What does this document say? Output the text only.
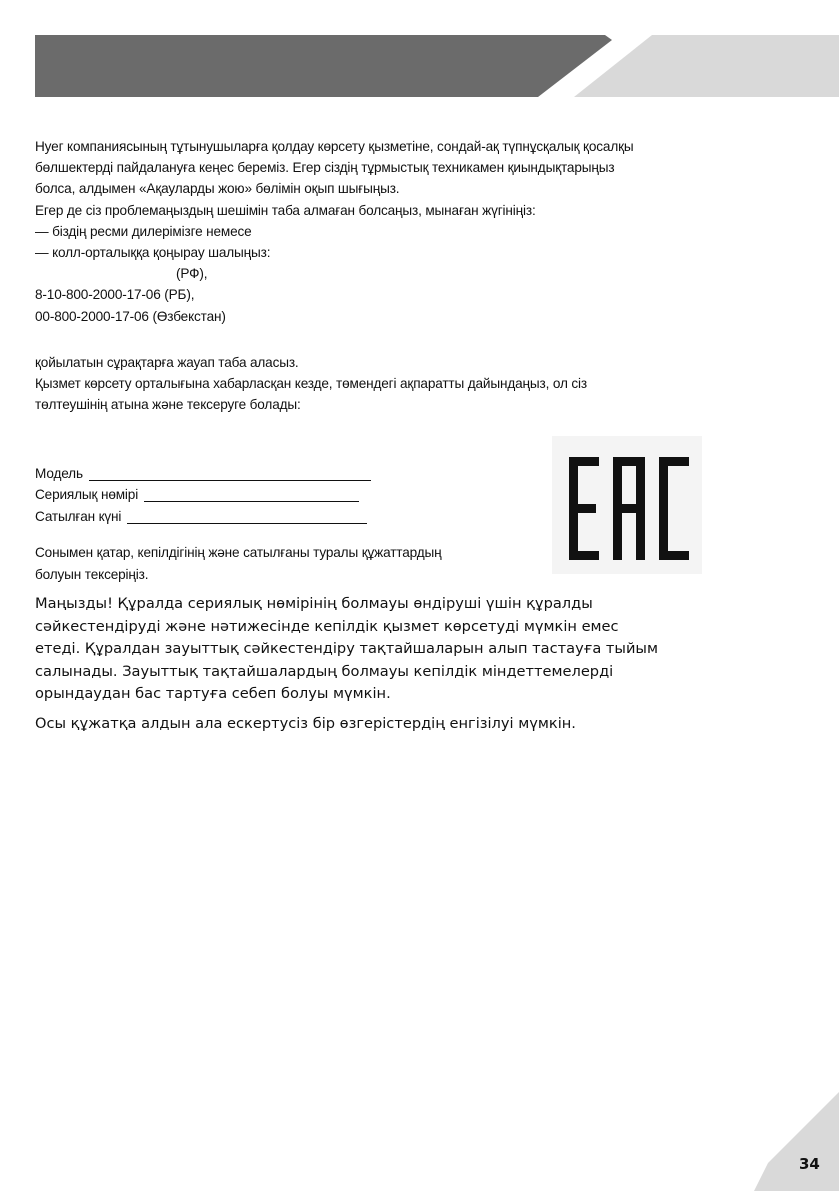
Нуег компаниясының тұтынушыларға қолдау көрсету қызметіне, сондай-ақ түпнұсқалық қосалқы
бөлшектерді пайдалануға кеңес береміз. Егер сіздің тұрмыстық техникамен қиындықтарыңыз
болса, алдымен «Ақауларды жою» бөлімін оқып шығыңыз.
Егер де сіз проблемаңыздың шешімін таба алмаған болсаңыз, мынаған жүгініңіз:
— біздің ресми дилерімізге немесе
— колл-орталыққа қоңырау шалыңыз:
(РФ),
8-10-800-2000-17-06 (РБ),
00-800-2000-17-06 (Өзбекстан)
қойылатын сұрақтарға жауап таба аласыз.
Қызмет көрсету орталығына хабарласқан кезде, төмендегі ақпаратты дайындаңыз, ол сіз
төлтеушінің атына және тексеруге болады:
Модель
Сериялық нөмірі
Сатылған күні
Сонымен қатар, кепілдігінің және сатылғаны туралы құжаттардың
болуын тексеріңіз.
Маңызды! Құралда сериялық нөмірінің болмауы өндіруші үшін құралды
сәйкестендіруді және нәтижесінде кепілдік қызмет көрсетуді мүмкін емес
етеді. Құралдан зауыттық сәйкестендіру тақтайшаларын алып тастауға тыйым
салынады. Зауыттық тақтайшалардың болмауы кепілдік міндеттемелерді
орындаудан бас тартуға себеп болуы мүмкін.
Осы құжатқа алдын ала ескертусіз бір өзгерістердің енгізілуі мүмкін.
34
